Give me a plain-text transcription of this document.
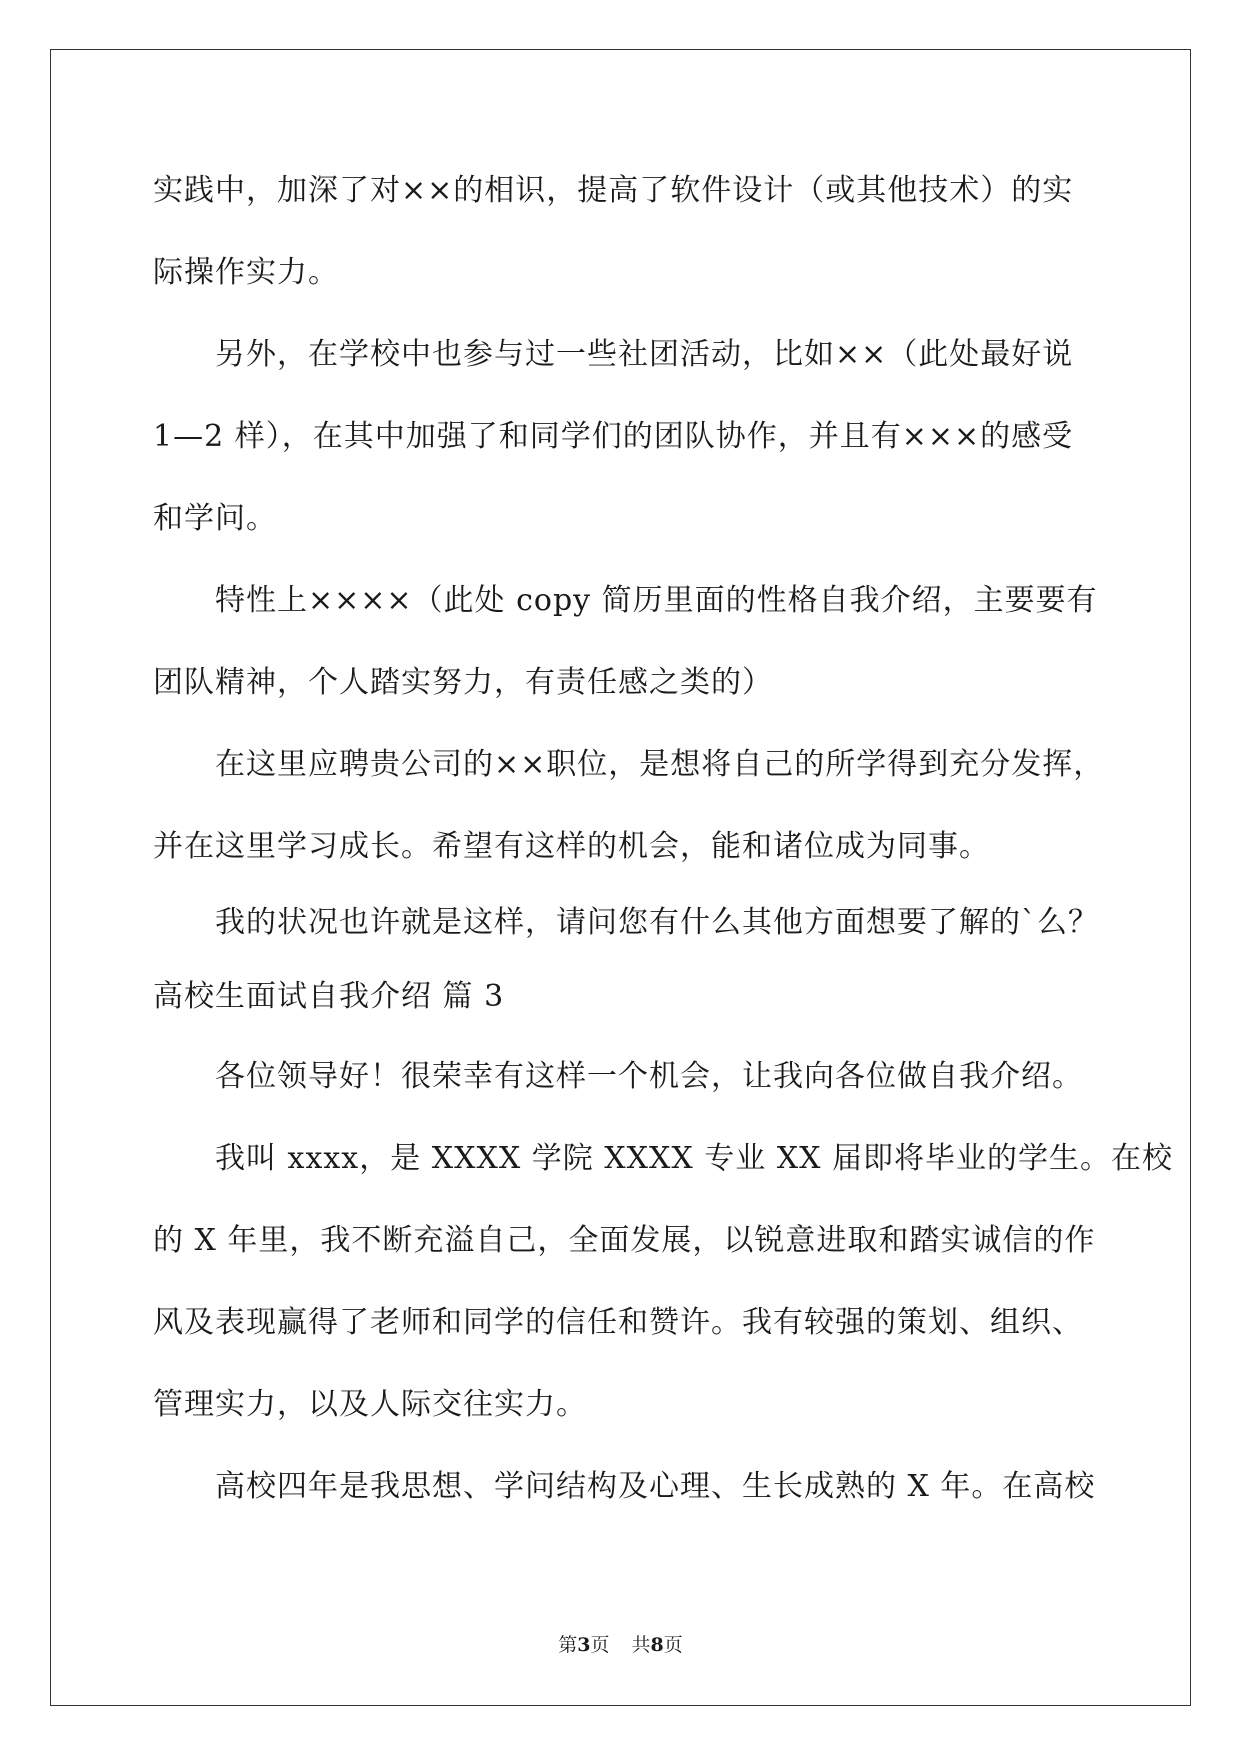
实践中，加深了对××的相识，提高了软件设计（或其他技术）的实
际操作实力。
另外，在学校中也参与过一些社团活动，比如××（此处最好说
1—2 样），在其中加强了和同学们的团队协作，并且有×××的感受
和学问。
特性上××××（此处 copy 简历里面的性格自我介绍，主要要有
团队精神，个人踏实努力，有责任感之类的）
在这里应聘贵公司的××职位，是想将自己的所学得到充分发挥，
并在这里学习成长。希望有这样的机会，能和诸位成为同事。
我的状况也许就是这样，请问您有什么其他方面想要了解的`么？
高校生面试自我介绍 篇 3
各位领导好！很荣幸有这样一个机会，让我向各位做自我介绍。
我叫 xxxx，是 XXXX 学院 XXXX 专业 XX 届即将毕业的学生。在校
的 X 年里，我不断充溢自己，全面发展，以锐意进取和踏实诚信的作
风及表现赢得了老师和同学的信任和赞许。我有较强的策划、组织、
管理实力，以及人际交往实力。
高校四年是我思想、学问结构及心理、生长成熟的 X 年。在高校
第3页 共8页
